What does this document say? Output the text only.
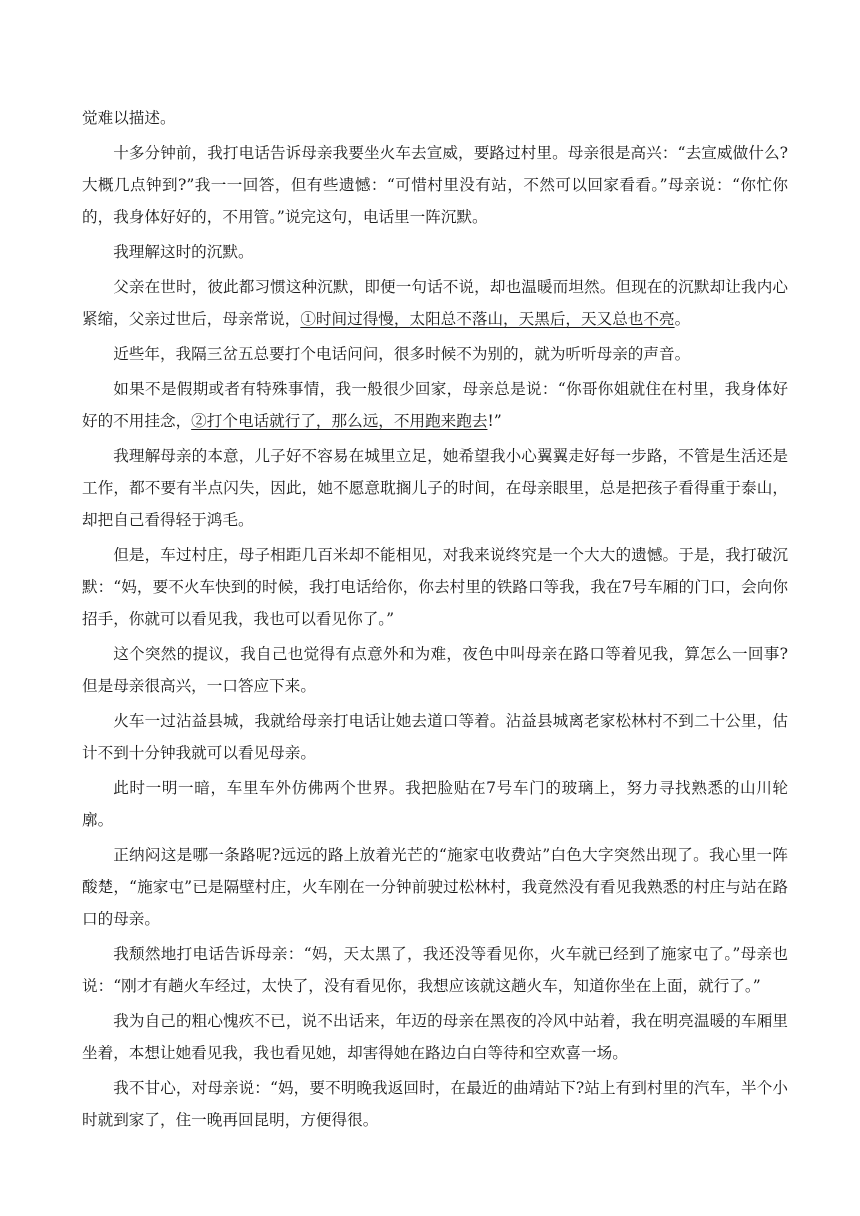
觉难以描述。

十多分钟前，我打电话告诉母亲我要坐火车去宣威，要路过村里。母亲很是高兴：“去宣威做什么?大概几点钟到?”我一一回答，但有些遗憾：“可惜村里没有站，不然可以回家看看。”母亲说：“你忙你的，我身体好好的，不用管。”说完这句，电话里一阵沉默。

我理解这时的沉默。

父亲在世时，彼此都习惯这种沉默，即便一句话不说，却也温暖而坦然。但现在的沉默却让我内心紧缩，父亲过世后，母亲常说，①时间过得慢，太阳总不落山，天黑后，天又总也不亮。

近些年，我隔三岔五总要打个电话问问，很多时候不为别的，就为听听母亲的声音。

如果不是假期或者有特殊事情，我一般很少回家，母亲总是说：“你哥你姐就住在村里，我身体好好的不用挂念，②打个电话就行了，那么远，不用跑来跑去!”

我理解母亲的本意，儿子好不容易在城里立足，她希望我小心翼翼走好每一步路，不管是生活还是工作，都不要有半点闪失，因此，她不愿意耽搁儿子的时间，在母亲眼里，总是把孩子看得重于泰山，却把自己看得轻于鸿毛。

但是，车过村庄，母子相距几百米却不能相见，对我来说终究是一个大大的遗憾。于是，我打破沉默：“妈，要不火车快到的时候，我打电话给你，你去村里的铁路口等我，我在7号车厢的门口，会向你招手，你就可以看见我，我也可以看见你了。”

这个突然的提议，我自己也觉得有点意外和为难，夜色中叫母亲在路口等着见我，算怎么一回事?但是母亲很高兴，一口答应下来。

火车一过沾益县城，我就给母亲打电话让她去道口等着。沾益县城离老家松林村不到二十公里，估计不到十分钟我就可以看见母亲。

此时一明一暗，车里车外仿佛两个世界。我把脸贴在7号车门的玻璃上，努力寻找熟悉的山川轮廓。

正纳闷这是哪一条路呢?远远的路上放着光芒的“施家屯收费站”白色大字突然出现了。我心里一阵酸楚，“施家屯”已是隔壁村庄，火车刚在一分钟前驶过松林村，我竟然没有看见我熟悉的村庄与站在路口的母亲。

我颓然地打电话告诉母亲：“妈，天太黑了，我还没等看见你，火车就已经到了施家屯了。”母亲也说：“刚才有趟火车经过，太快了，没有看见你，我想应该就这趟火车，知道你坐在上面，就行了。”

我为自己的粗心愧疚不已，说不出话来，年迈的母亲在黑夜的冷风中站着，我在明亮温暖的车厢里坐着，本想让她看见我，我也看见她，却害得她在路边白白等待和空欢喜一场。

我不甘心，对母亲说：“妈，要不明晚我返回时，在最近的曲靖站下?站上有到村里的汽车，半个小时就到家了，住一晚再回昆明，方便得很。
